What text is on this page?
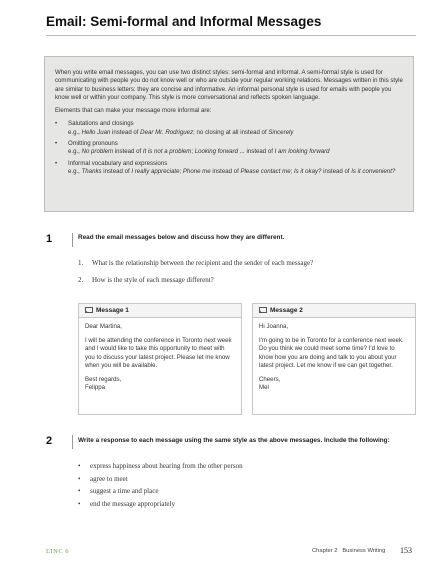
Email: Semi-formal and Informal Messages

When you write email messages, you can use two distinct styles: semi-formal and informal. A semi-formal style is used for communicating with people you do not know well or who are outside your regular working relations. Messages written in this style are similar to business letters: they are concise and informative. An informal personal style is used for emails with people you know well or within your company. This style is more conversational and reflects spoken language.

Elements that can make your message more informal are:

• Salutations and closings
e.g., Hello Juan instead of Dear Mr. Rodriguez; no closing at all instead of Sincerely
• Omitting pronouns
e.g., No problem instead of It is not a problem; Looking forward ... instead of I am looking forward
• Informal vocabulary and expressions
e.g., Thanks instead of I really appreciate; Phone me instead of Please contact me; Is it okay? instead of Is it convenient?
1	Read the email messages below and discuss how they are different.
1. What is the relationship between the recipient and the sender of each message?
2. How is the style of each message different?
Message 1

Dear Martina,

I will be attending the conference in Toronto next week and I would like to take this opportunity to meet with you to discuss your latest project. Please let me know when you will be available.

Best regards,
Felippa
Message 2

Hi Joanna,

I'm going to be in Toronto for a conference next week. Do you think we could meet some time? I'd love to know how you are doing and talk to you about your latest project. Let me know if we can get together.

Cheers,
Mel
2	Write a response to each message using the same style as the above messages. Include the following:
• express happiness about hearing from the other person
• agree to meet
• suggest a time and place
• end the message appropriately
LINC 6	Chapter 2 Business Writing 153
